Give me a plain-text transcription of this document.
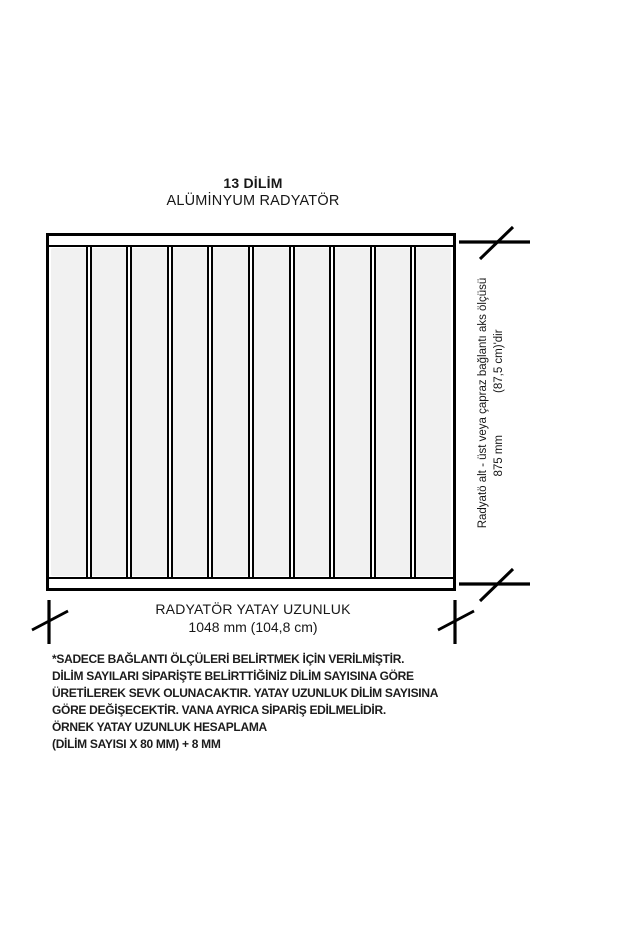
13 DİLİM
ALÜMİNYUM RADYATÖR
Radyatö alt - üst veya çapraz bağlantı aks ölçüsü 875 mm
(87,5 cm)'dir
RADYATÖR YATAY UZUNLUK
1048 mm (104,8 cm)
*SADECE BAĞLANTI ÖLÇÜLERİ BELİRTMEK İÇİN VERİLMİŞTİR.
DİLİM SAYILARI SİPARİŞTE BELİRTTİĞİNİZ DİLİM SAYISINA GÖRE
ÜRETİLEREK SEVK OLUNACAKTIR. YATAY UZUNLUK DİLİM SAYISINA
GÖRE DEĞİŞECEKTİR. VANA AYRICA SİPARİŞ EDİLMELİDİR.
ÖRNEK YATAY UZUNLUK HESAPLAMA
(DİLİM SAYISI X 80 MM) + 8 MM
